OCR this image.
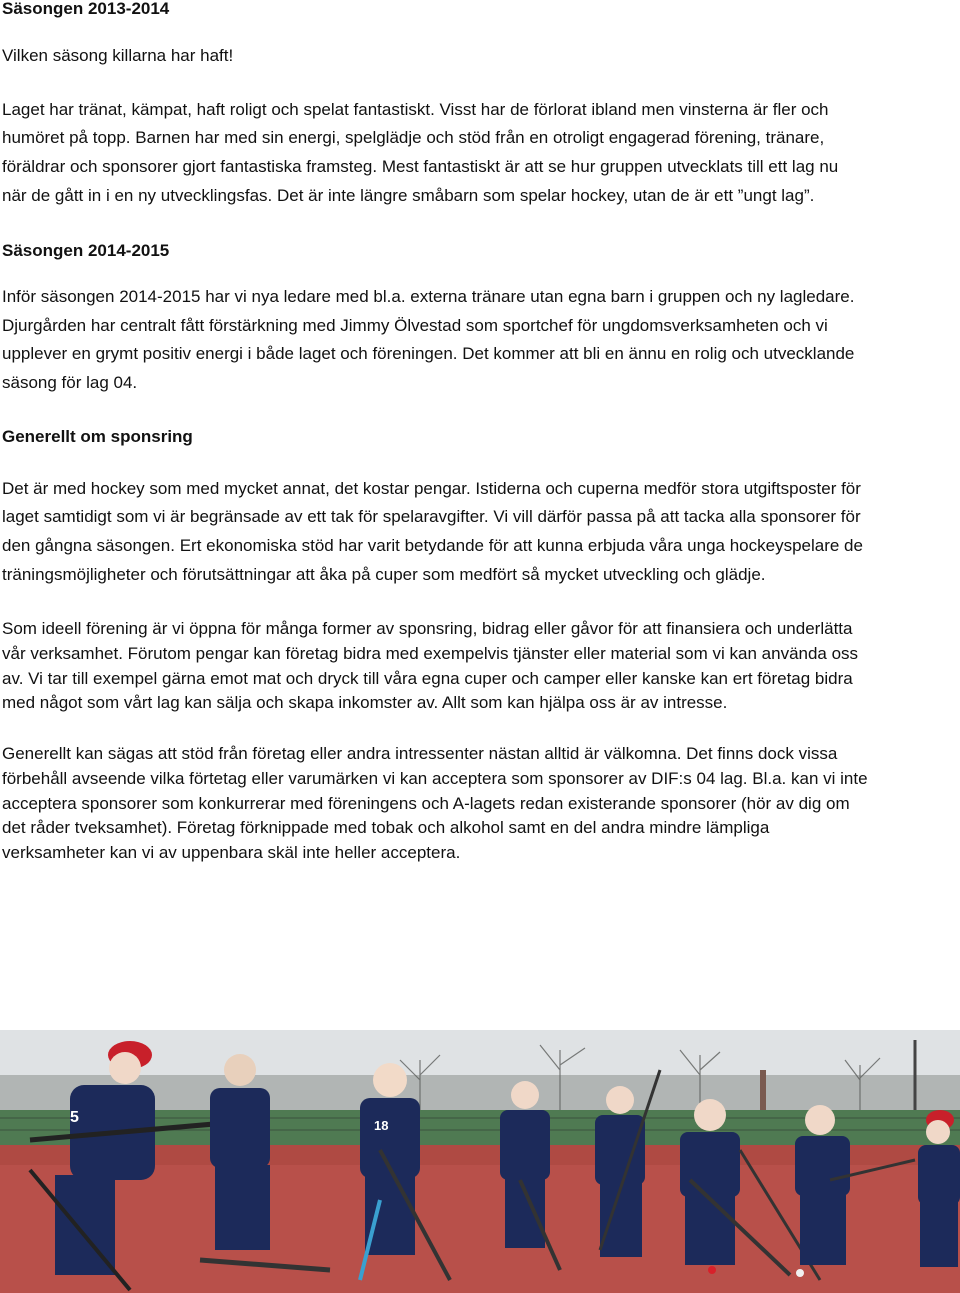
Säsongen 2013-2014

Vilken säsong killarna har haft!

Laget har tränat, kämpat, haft roligt och spelat fantastiskt. Visst har de förlorat ibland men vinsterna är fler och

humöret på topp. Barnen har med sin energi, spelglädje och stöd från en otroligt engagerad förening, tränare,

föräldrar och sponsorer gjort fantastiska framsteg. Mest fantastiskt är att se hur gruppen utvecklats till ett lag nu

när de gått in i en ny utvecklingsfas. Det är inte längre småbarn som spelar hockey, utan de är ett ”ungt lag”.

Säsongen 2014-2015

Inför säsongen 2014-2015 har vi nya ledare med bl.a. externa tränare utan egna barn i gruppen och ny lagledare.

Djurgården har centralt fått förstärkning med Jimmy Ölvestad som sportchef för ungdomsverksamheten och vi

upplever en grymt positiv energi i både laget och föreningen. Det kommer att bli en ännu en rolig och utvecklande

säsong för lag 04.

Generellt om sponsring

Det är med hockey som med mycket annat, det kostar pengar. Istiderna och cuperna medför stora utgiftsposter för

laget samtidigt som vi är begränsade av ett tak för spelaravgifter. Vi vill därför passa på att tacka alla sponsorer för

den gångna säsongen. Ert ekonomiska stöd har varit betydande för att kunna erbjuda våra unga hockeyspelare de

träningsmöjligheter och förutsättningar att åka på cuper som medfört så mycket utveckling och glädje.

Som ideell förening är vi öppna för många former av sponsring, bidrag eller gåvor för att finansiera och underlätta

vår verksamhet. Förutom pengar kan företag bidra med exempelvis tjänster eller material som vi kan använda oss

av. Vi tar till exempel gärna emot mat och dryck till våra egna cuper och camper eller kanske kan ert företag bidra

med något som vårt lag kan sälja och skapa inkomster av. Allt som kan hjälpa oss är av intresse.

Generellt kan sägas att stöd från företag eller andra intressenter nästan alltid är välkomna. Det finns dock vissa

förbehåll avseende vilka förtetag eller varumärken vi kan acceptera som sponsorer av DIF:s 04 lag. Bl.a. kan vi inte

acceptera sponsorer som konkurrerar med föreningens och A-lagets redan existerande sponsorer (hör av dig om

det råder tveksamhet). Företag förknippade med tobak och alkohol samt en del andra mindre lämpliga

verksamheter kan vi av uppenbara skäl inte heller acceptera.

5	18
